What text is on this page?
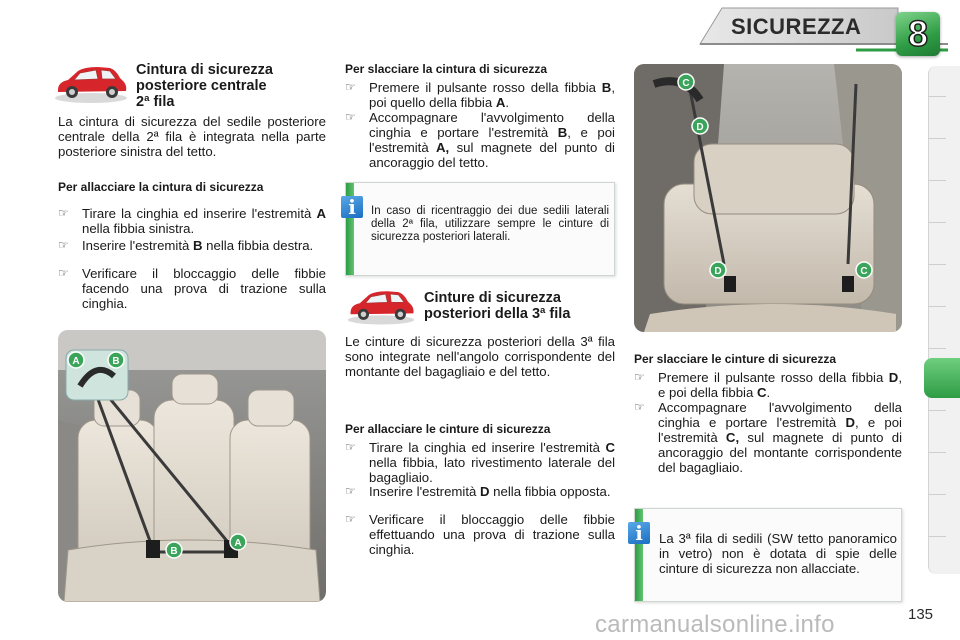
SICUREZZA	8
Cintura di sicurezza
posteriore centrale
2ª fila
La cintura di sicurezza del sedile posteriore centrale della 2ª fila è integrata nella parte posteriore sinistra del tetto.
Per allacciare la cintura di sicurezza
☞ Tirare la cinghia ed inserire l'estremità A nella fibbia sinistra.
☞ Inserire l'estremità B nella fibbia destra.
☞ Verificare il bloccaggio delle fibbie facendo una prova di trazione sulla cinghia.
A	B
B
A
Per slacciare la cintura di sicurezza
☞ Premere il pulsante rosso della fibbia B, poi quello della fibbia A.
☞ Accompagnare l'avvolgimento della cinghia e portare l'estremità B, e poi l'estremità A, sul magnete del punto di ancoraggio del tetto.
In caso di ricentraggio dei due sedili laterali della 2ª fila, utilizzare sempre le cinture di sicurezza posteriori laterali.
i
Cinture di sicurezza
posteriori della 3ª fila
Le cinture di sicurezza posteriori della 3ª fila sono integrate nell'angolo corrispondente del montante del bagagliaio e del tetto.
Per allacciare le cinture di sicurezza
☞ Tirare la cinghia ed inserire l'estremità C nella fibbia, lato rivestimento laterale del bagagliaio.
☞ Inserire l'estremità D nella fibbia opposta.
☞ Verificare il bloccaggio delle fibbie effettuando una prova di trazione sulla cinghia.
C
D
D	C
Per slacciare le cinture di sicurezza
☞ Premere il pulsante rosso della fibbia D, e poi della fibbia C.
☞ Accompagnare l'avvolgimento della cinghia e portare l'estremità D, e poi l'estremità C, sul magnete di punto di ancoraggio del montante corrispondente del bagagliaio.
La 3ª fila di sedili (SW tetto panoramico in vetro) non è dotata di spie delle cinture di sicurezza non allacciate.
i
135
carmanualsonline.info
